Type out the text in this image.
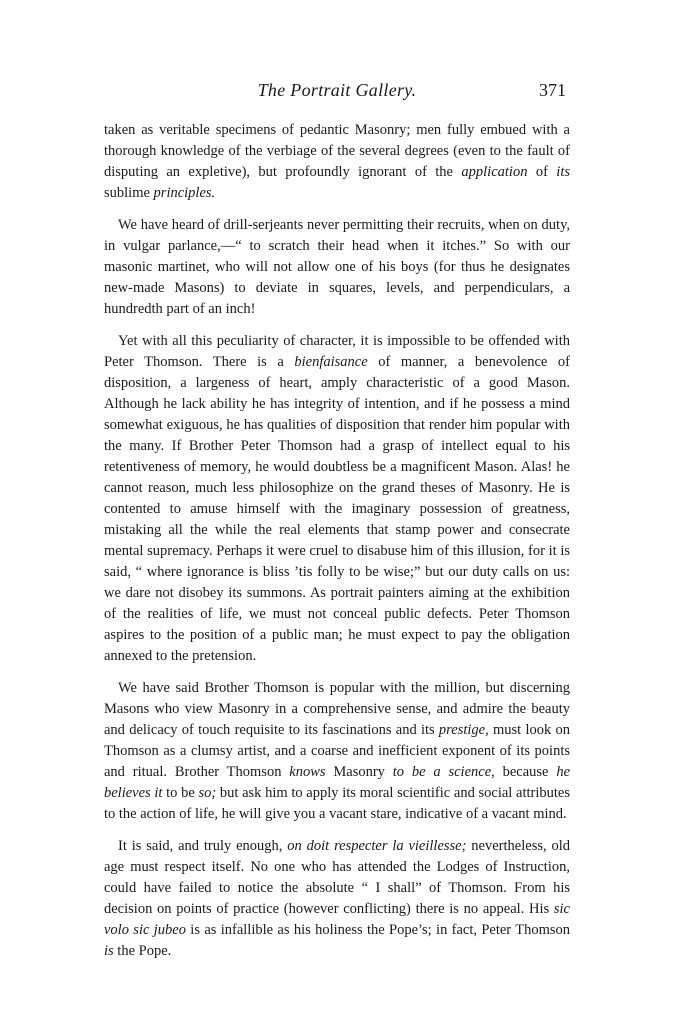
The Portrait Gallery.	371

taken as veritable specimens of pedantic Masonry; men fully embued with a thorough knowledge of the verbiage of the several degrees (even to the fault of disputing an expletive), but profoundly ignorant of the application of its sublime principles.

We have heard of drill-serjeants never permitting their recruits, when on duty, in vulgar parlance,—“ to scratch their head when it itches.” So with our masonic martinet, who will not allow one of his boys (for thus he designates new-made Masons) to deviate in squares, levels, and perpendiculars, a hundredth part of an inch!

Yet with all this peculiarity of character, it is impossible to be offended with Peter Thomson. There is a bienfaisance of manner, a benevolence of disposition, a largeness of heart, amply characteristic of a good Mason. Although he lack ability he has integrity of intention, and if he possess a mind somewhat exiguous, he has qualities of disposition that render him popular with the many. If Brother Peter Thomson had a grasp of intellect equal to his retentiveness of memory, he would doubtless be a magnificent Mason. Alas! he cannot reason, much less philosophize on the grand theses of Masonry. He is contented to amuse himself with the imaginary possession of greatness, mistaking all the while the real elements that stamp power and consecrate mental supremacy. Perhaps it were cruel to disabuse him of this illusion, for it is said, “ where ignorance is bliss ’tis folly to be wise;” but our duty calls on us: we dare not disobey its summons. As portrait painters aiming at the exhibition of the realities of life, we must not conceal public defects. Peter Thomson aspires to the position of a public man; he must expect to pay the obligation annexed to the pretension.

We have said Brother Thomson is popular with the million, but discerning Masons who view Masonry in a comprehensive sense, and admire the beauty and delicacy of touch requisite to its fascinations and its prestige, must look on Thomson as a clumsy artist, and a coarse and inefficient exponent of its points and ritual. Brother Thomson knows Masonry to be a science, because he believes it to be so; but ask him to apply its moral scientific and social attributes to the action of life, he will give you a vacant stare, indicative of a vacant mind.

It is said, and truly enough, on doit respecter la vieillesse; nevertheless, old age must respect itself. No one who has attended the Lodges of Instruction, could have failed to notice the absolute “ I shall” of Thomson. From his decision on points of practice (however conflicting) there is no appeal. His sic volo sic jubeo is as infallible as his holiness the Pope’s; in fact, Peter Thomson is the Pope.
